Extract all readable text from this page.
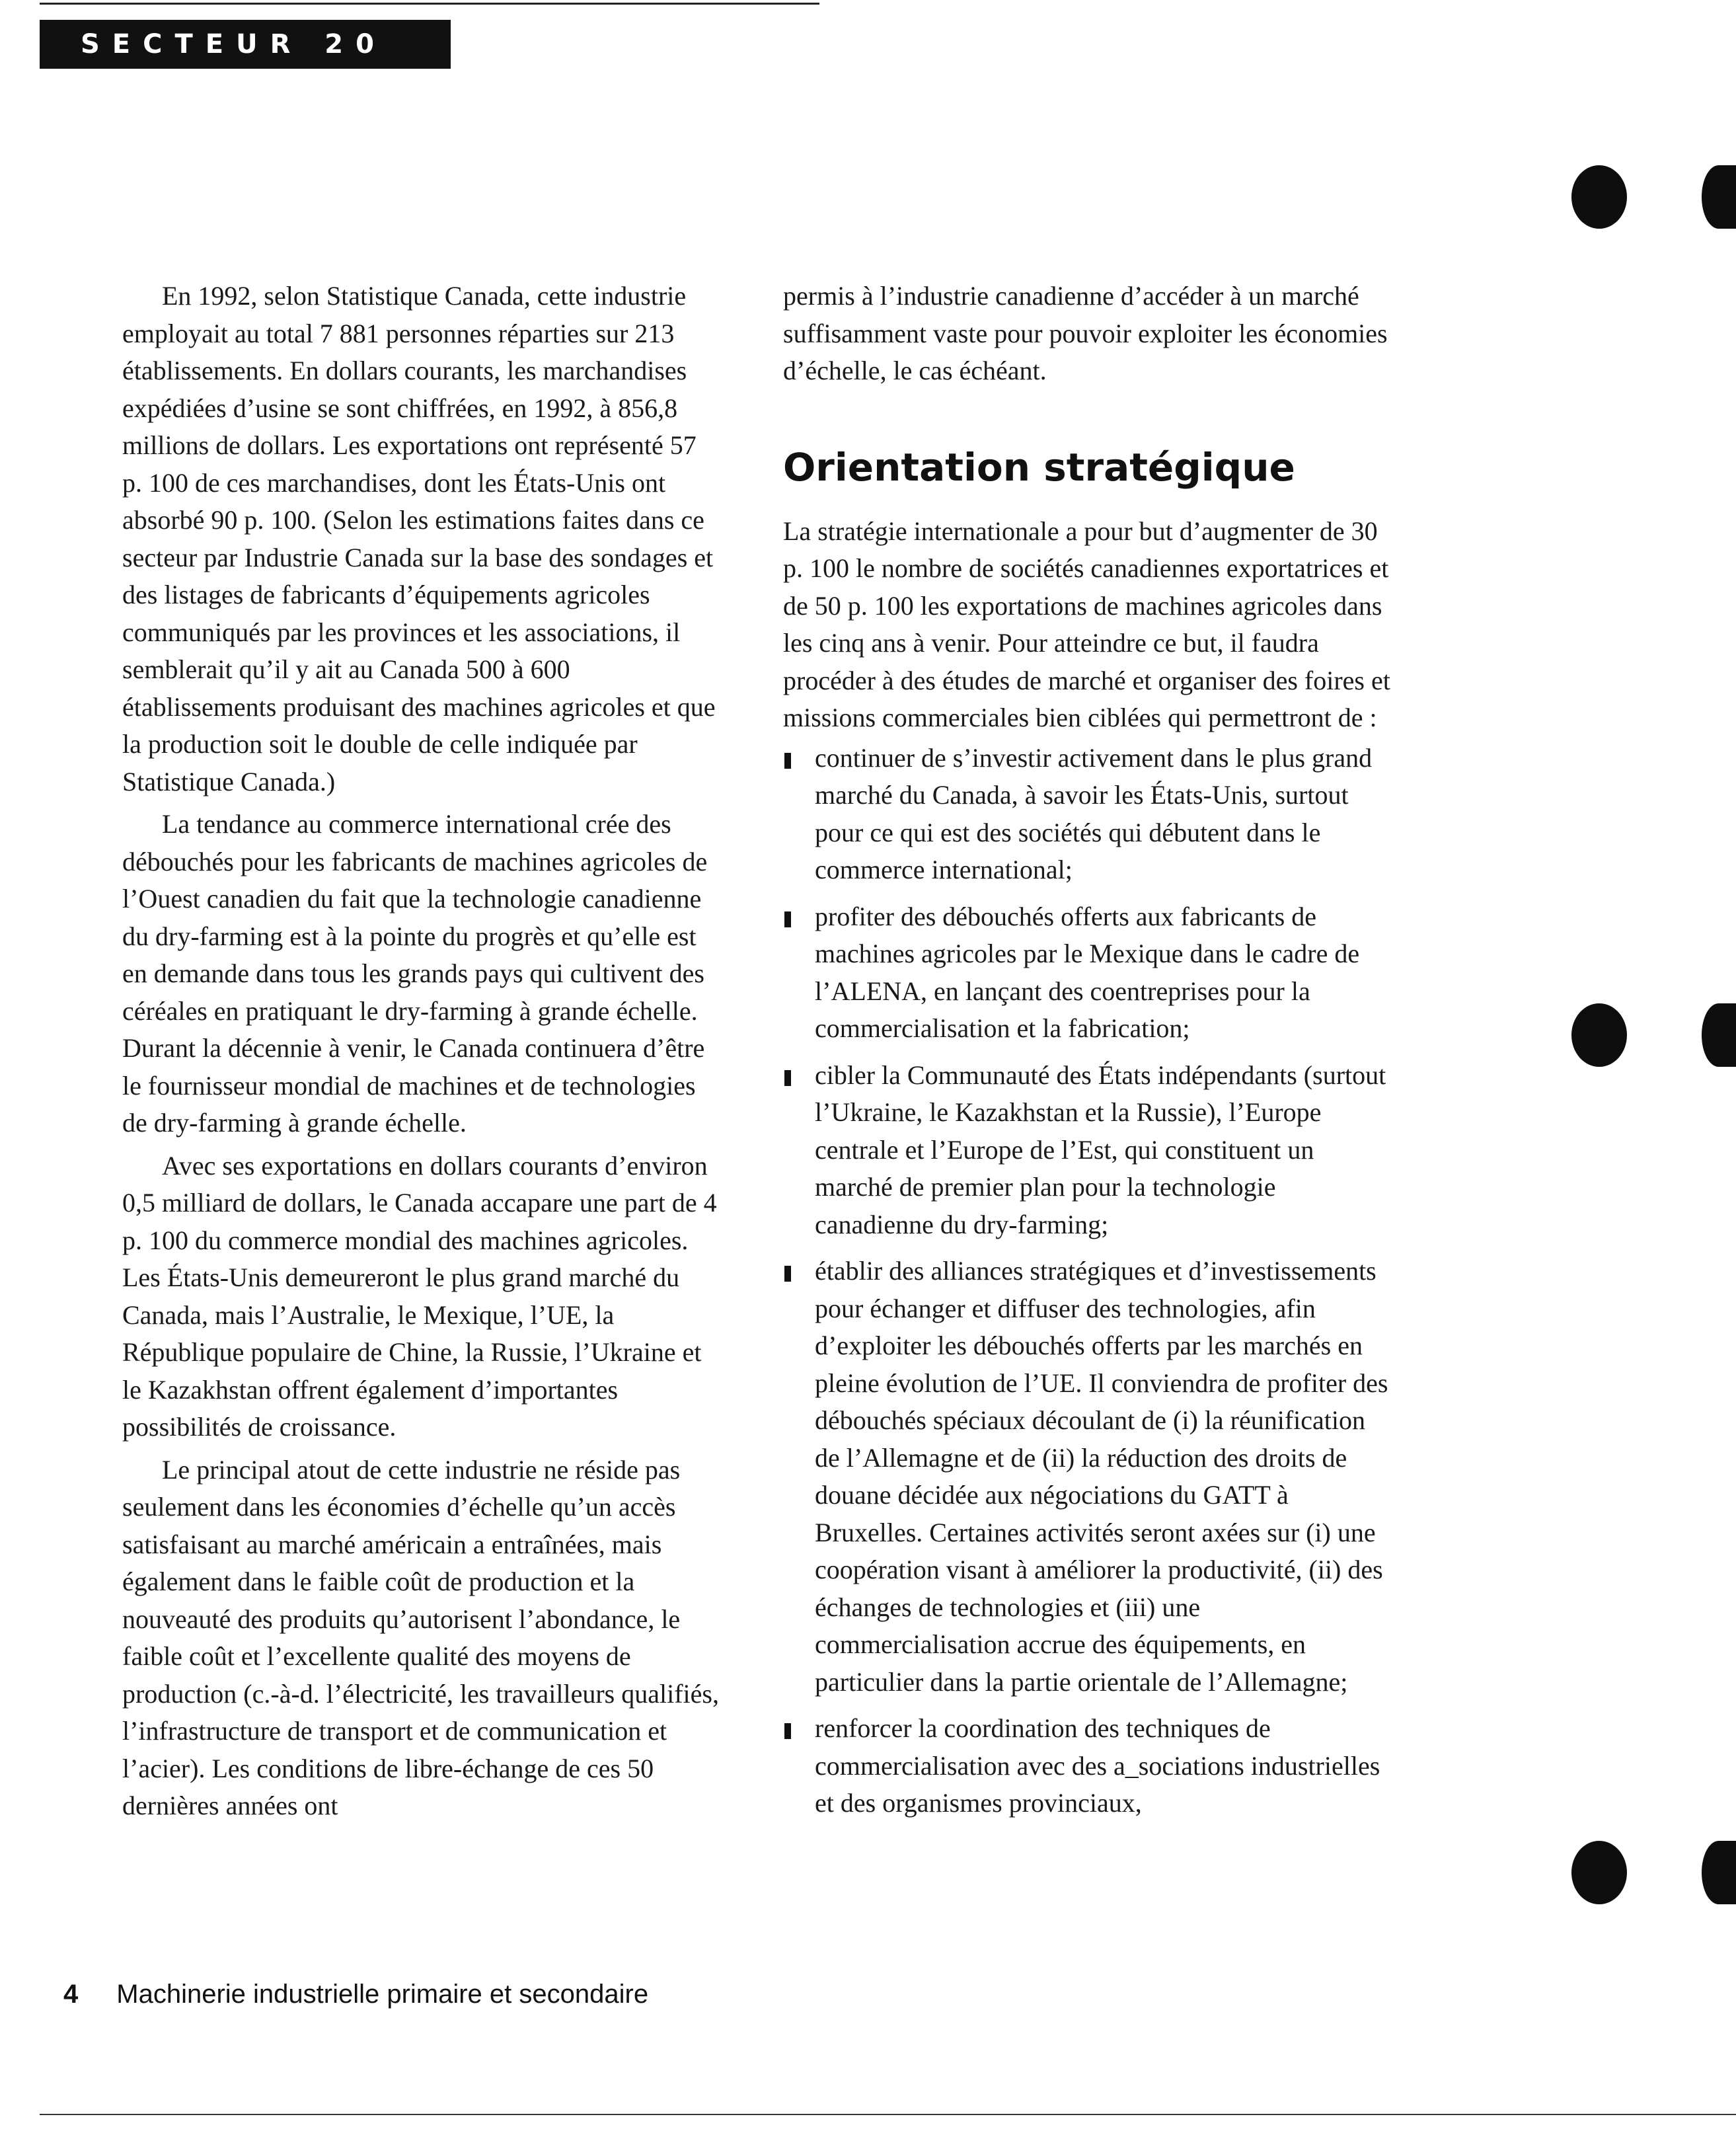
SECTEUR 20

En 1992, selon Statistique Canada, cette industrie employait au total 7 881 personnes réparties sur 213 établissements. En dollars courants, les marchandises expédiées d’usine se sont chiffrées, en 1992, à 856,8 millions de dollars. Les exportations ont représenté 57 p. 100 de ces marchandises, dont les États-Unis ont absorbé 90 p. 100. (Selon les estimations faites dans ce secteur par Industrie Canada sur la base des sondages et des listages de fabricants d’équipements agricoles communiqués par les provinces et les associations, il semblerait qu’il y ait au Canada 500 à 600 établissements produisant des machines agricoles et que la production soit le double de celle indiquée par Statistique Canada.)

La tendance au commerce international crée des débouchés pour les fabricants de machines agricoles de l’Ouest canadien du fait que la technologie canadienne du dry-farming est à la pointe du progrès et qu’elle est en demande dans tous les grands pays qui cultivent des céréales en pratiquant le dry-farming à grande échelle. Durant la décennie à venir, le Canada continuera d’être le fournisseur mondial de machines et de technologies de dry-farming à grande échelle.

Avec ses exportations en dollars courants d’environ 0,5 milliard de dollars, le Canada accapare une part de 4 p. 100 du commerce mondial des machines agricoles. Les États-Unis demeureront le plus grand marché du Canada, mais l’Australie, le Mexique, l’UE, la République populaire de Chine, la Russie, l’Ukraine et le Kazakhstan offrent également d’importantes possibilités de croissance.

Le principal atout de cette industrie ne réside pas seulement dans les économies d’échelle qu’un accès satisfaisant au marché américain a entraînées, mais également dans le faible coût de production et la nouveauté des produits qu’autorisent l’abondance, le faible coût et l’excellente qualité des moyens de production (c.-à-d. l’électricité, les travailleurs qualifiés, l’infrastructure de transport et de communication et l’acier). Les conditions de libre-échange de ces 50 dernières années ont

permis à l’industrie canadienne d’accéder à un marché suffisamment vaste pour pouvoir exploiter les économies d’échelle, le cas échéant.

Orientation stratégique

La stratégie internationale a pour but d’augmenter de 30 p. 100 le nombre de sociétés canadiennes exportatrices et de 50 p. 100 les exportations de machines agricoles dans les cinq ans à venir. Pour atteindre ce but, il faudra procéder à des études de marché et organiser des foires et missions commerciales bien ciblées qui permettront de :

continuer de s’investir activement dans le plus grand marché du Canada, à savoir les États-Unis, surtout pour ce qui est des sociétés qui débutent dans le commerce international;
profiter des débouchés offerts aux fabricants de machines agricoles par le Mexique dans le cadre de l’ALENA, en lançant des coentreprises pour la commercialisation et la fabrication;
cibler la Communauté des États indépendants (surtout l’Ukraine, le Kazakhstan et la Russie), l’Europe centrale et l’Europe de l’Est, qui constituent un marché de premier plan pour la technologie canadienne du dry-farming;
établir des alliances stratégiques et d’investissements pour échanger et diffuser des technologies, afin d’exploiter les débouchés offerts par les marchés en pleine évolution de l’UE. Il conviendra de profiter des débouchés spéciaux découlant de (i) la réunification de l’Allemagne et de (ii) la réduction des droits de douane décidée aux négociations du GATT à Bruxelles. Certaines activités seront axées sur (i) une coopération visant à améliorer la productivité, (ii) des échanges de technologies et (iii) une commercialisation accrue des équipements, en particulier dans la partie orientale de l’Allemagne;
renforcer la coordination des techniques de commercialisation avec des a_sociations industrielles et des organismes provinciaux,
4 Machinerie industrielle primaire et secondaire
